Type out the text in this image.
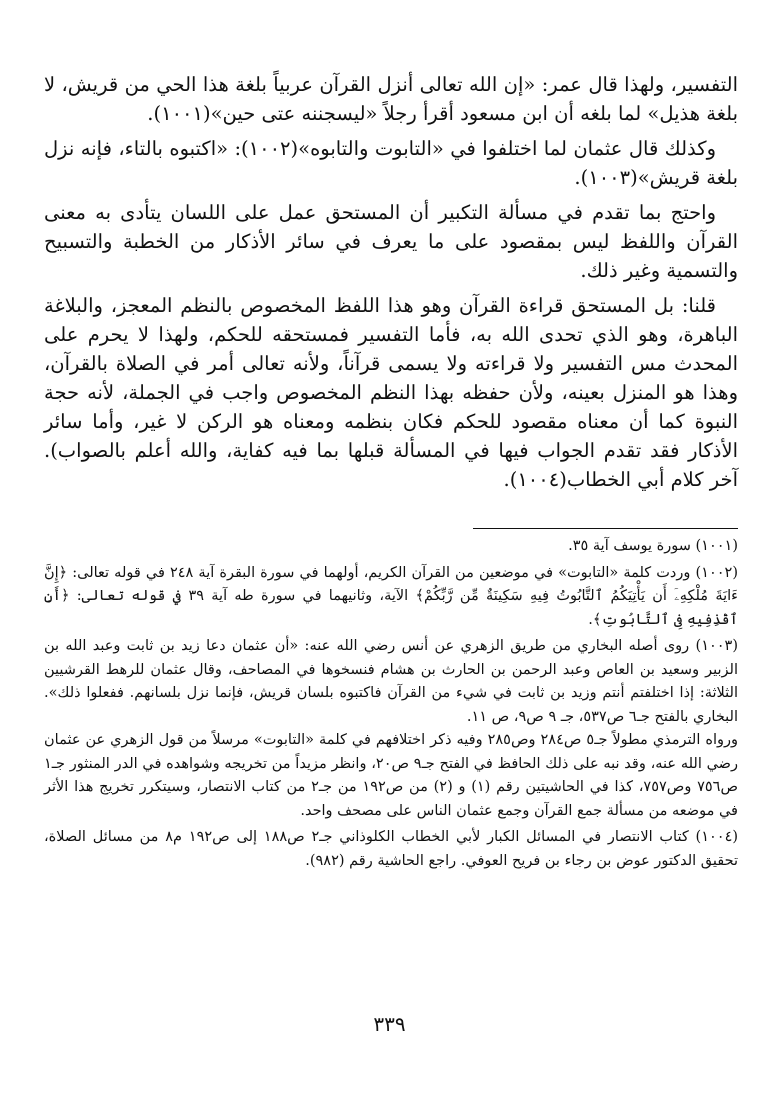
التفسير، ولهذا قال عمر: «إن الله تعالى أنزل القرآن عربياً بلغة هذا الحي من قريش، لا بلغة هذيل» لما بلغه أن ابن مسعود أقرأ رجلاً «ليسجننه عتى حين»(١٠٠١).

وكذلك قال عثمان لما اختلفوا في «التابوت والتابوه»(١٠٠٢): «اكتبوه بالتاء، فإنه نزل بلغة قريش»(١٠٠٣).

واحتج بما تقدم في مسألة التكبير أن المستحق عمل على اللسان يتأدى به معنى القرآن واللفظ ليس بمقصود على ما يعرف في سائر الأذكار من الخطبة والتسبيح والتسمية وغير ذلك.

قلنا: بل المستحق قراءة القرآن وهو هذا اللفظ المخصوص بالنظم المعجز، والبلاغة الباهرة، وهو الذي تحدى الله به، فأما التفسير فمستحقه للحكم، ولهذا لا يحرم على المحدث مس التفسير ولا قراءته ولا يسمى قرآناً، ولأنه تعالى أمر في الصلاة بالقرآن، وهذا هو المنزل بعينه، ولأن حفظه بهذا النظم المخصوص واجب في الجملة، لأنه حجة النبوة كما أن معناه مقصود للحكم فكان بنظمه ومعناه هو الركن لا غير، وأما سائر الأذكار فقد تقدم الجواب فيها في المسألة قبلها بما فيه كفاية، والله أعلم بالصواب). آخر كلام أبي الخطاب(١٠٠٤).

(١٠٠١) سورة يوسف آية ٣٥.

(١٠٠٢) وردت كلمة «التابوت» في موضعين من القرآن الكريم، أولهما في سورة البقرة آية ٢٤٨ في قوله تعالى: ﴿إِنَّ ءَايَةَ مُلْكِهِۦٓ أَن يَأْتِيَكُمُ ٱلتَّابُوتُ فِيهِ سَكِينَةٌ مِّن رَّبِّكُمْ﴾ الآية، وثانيهما في سورة طه آية ٣٩ في قوله تعالى: ﴿أَنِ ٱقْذِفِيهِ فِى ٱلتَّابُوتِ﴾.

(١٠٠٣) روى أصله البخاري من طريق الزهري عن أنس رضي الله عنه: «أن عثمان دعا زيد بن ثابت وعبد الله بن الزبير وسعيد بن العاص وعبد الرحمن بن الحارث بن هشام فنسخوها في المصاحف، وقال عثمان للرهط القرشيين الثلاثة: إذا اختلفتم أنتم وزيد بن ثابت في شيء من القرآن فاكتبوه بلسان قريش، فإنما نزل بلسانهم. ففعلوا ذلك». البخاري بالفتح جـ٦ ص٥٣٧، جـ ٩ ص٩، ص ١١.

ورواه الترمذي مطولاً جـ٥ ص٢٨٤ وص٢٨٥ وفيه ذكر اختلافهم في كلمة «التابوت» مرسلاً من قول الزهري عن عثمان رضي الله عنه، وقد نبه على ذلك الحافظ في الفتح جـ٩ ص٢٠، وانظر مزيداً من تخريجه وشواهده في الدر المنثور جـ١ ص٧٥٦ وص٧٥٧، كذا في الحاشيتين رقم (١) و (٢) من ص١٩٢ من جـ٢ من كتاب الانتصار، وسيتكرر تخريج هذا الأثر في موضعه من مسألة جمع القرآن وجمع عثمان الناس على مصحف واحد.

(١٠٠٤) كتاب الانتصار في المسائل الكبار لأبي الخطاب الكلوذاني جـ٢ ص١٨٨ إلى ص١٩٢ م٨ من مسائل الصلاة، تحقيق الدكتور عوض بن رجاء بن فريح العوفي. راجع الحاشية رقم (٩٨٢).

٣٣٩
